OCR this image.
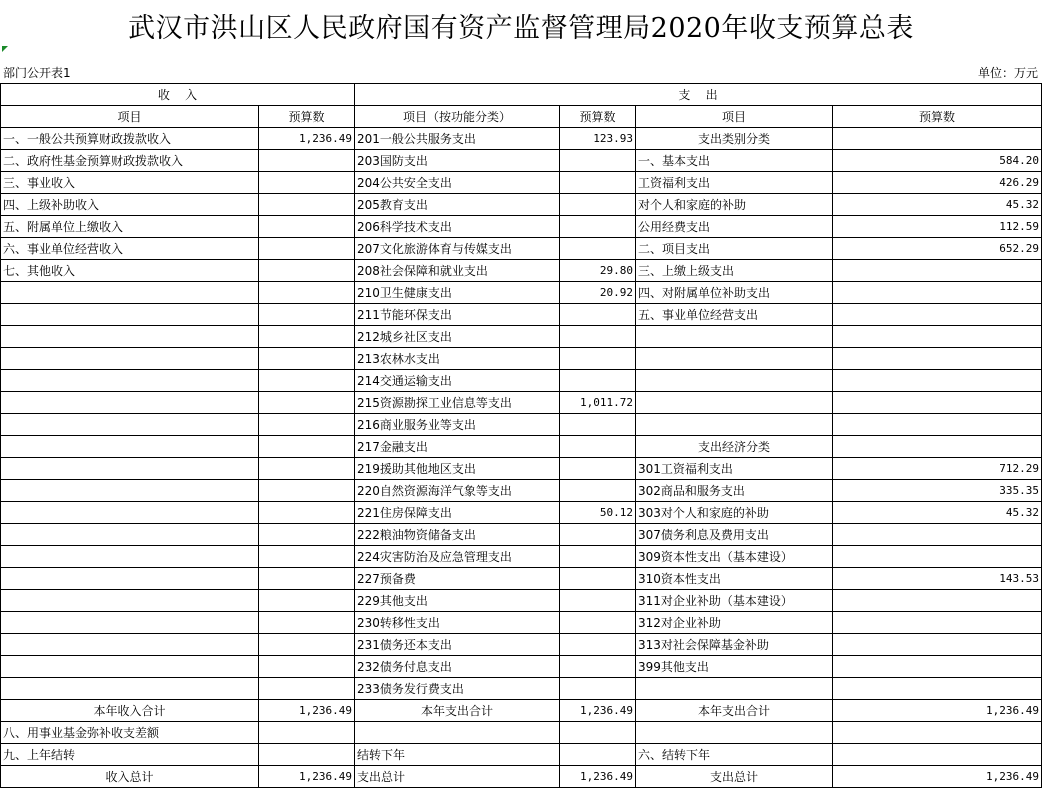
武汉市洪山区人民政府国有资产监督管理局2020年收支预算总表
部门公开表1	单位：万元
收    入		支    出			
项目	预算数	项目（按功能分类）	预算数	项目	预算数
一、一般公共预算财政拨款收入	1,236.49	201一般公共服务支出	123.93	支出类别分类	
二、政府性基金预算财政拨款收入		203国防支出		一、基本支出	584.20
三、事业收入		204公共安全支出		工资福利支出	426.29
四、上级补助收入		205教育支出		对个人和家庭的补助	45.32
五、附属单位上缴收入		206科学技术支出		公用经费支出	112.59
六、事业单位经营收入		207文化旅游体育与传媒支出		二、项目支出	652.29
七、其他收入		208社会保障和就业支出	29.80	三、上缴上级支出	
		210卫生健康支出	20.92	四、对附属单位补助支出	
		211节能环保支出		五、事业单位经营支出	
		212城乡社区支出			
		213农林水支出			
		214交通运输支出			
		215资源勘探工业信息等支出	1,011.72		
		216商业服务业等支出			
		217金融支出		支出经济分类	
		219援助其他地区支出		301工资福利支出	712.29
		220自然资源海洋气象等支出		302商品和服务支出	335.35
		221住房保障支出	50.12	303对个人和家庭的补助	45.32
		222粮油物资储备支出		307债务利息及费用支出	
		224灾害防治及应急管理支出		309资本性支出（基本建设）	
		227预备费		310资本性支出	143.53
		229其他支出		311对企业补助（基本建设）	
		230转移性支出		312对企业补助	
		231债务还本支出		313对社会保障基金补助	
		232债务付息支出		399其他支出	
		233债务发行费支出			
本年收入合计	1,236.49	本年支出合计	1,236.49	本年支出合计	1,236.49
八、用事业基金弥补收支差额					
九、上年结转		结转下年		六、结转下年	
收入总计	1,236.49	支出总计	1,236.49	支出总计	1,236.49
